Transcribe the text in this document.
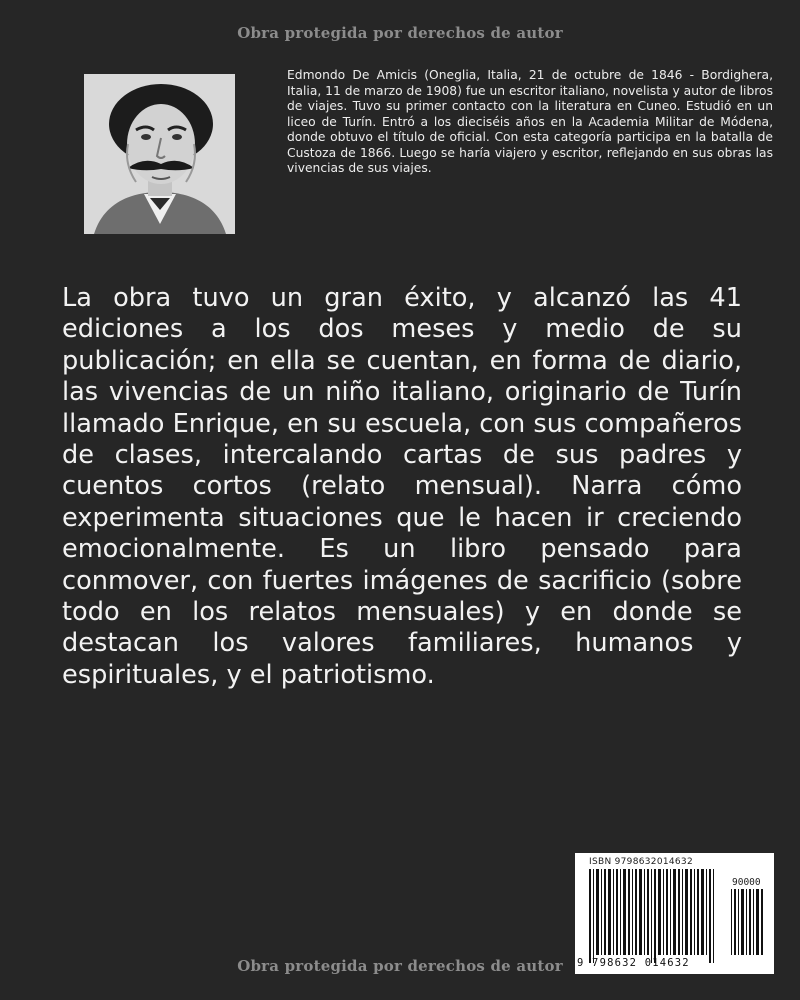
Obra protegida por derechos de autor
Edmondo De Amicis (Oneglia, Italia, 21 de octubre de 1846 - Bordighera, Italia, 11 de marzo de 1908) fue un escritor italiano, novelista y autor de libros de viajes. Tuvo su primer contacto con la literatura en Cuneo. Estudió en un liceo de Turín. Entró a los dieciséis años en la Academia Militar de Módena, donde obtuvo el título de oficial. Con esta categoría participa en la batalla de Custoza de 1866. Luego se haría viajero y escritor, reflejando en sus obras las vivencias de sus viajes.
La obra tuvo un gran éxito, y alcanzó las 41 ediciones a los dos meses y medio de su publicación; en ella se cuentan, en forma de diario, las vivencias de un niño italiano, originario de Turín llamado Enrique, en su escuela, con sus compañeros de clases, intercalando cartas de sus padres y cuentos cortos (relato mensual). Narra cómo experimenta situaciones que le hacen ir creciendo emocionalmente. Es un libro pensado para conmover, con fuertes imágenes de sacrificio (sobre todo en los relatos mensuales) y en donde se destacan los valores familiares, humanos y espirituales, y el patriotismo.
ISBN 9798632014632
90000
9 798632 014632
Obra protegida por derechos de autor
